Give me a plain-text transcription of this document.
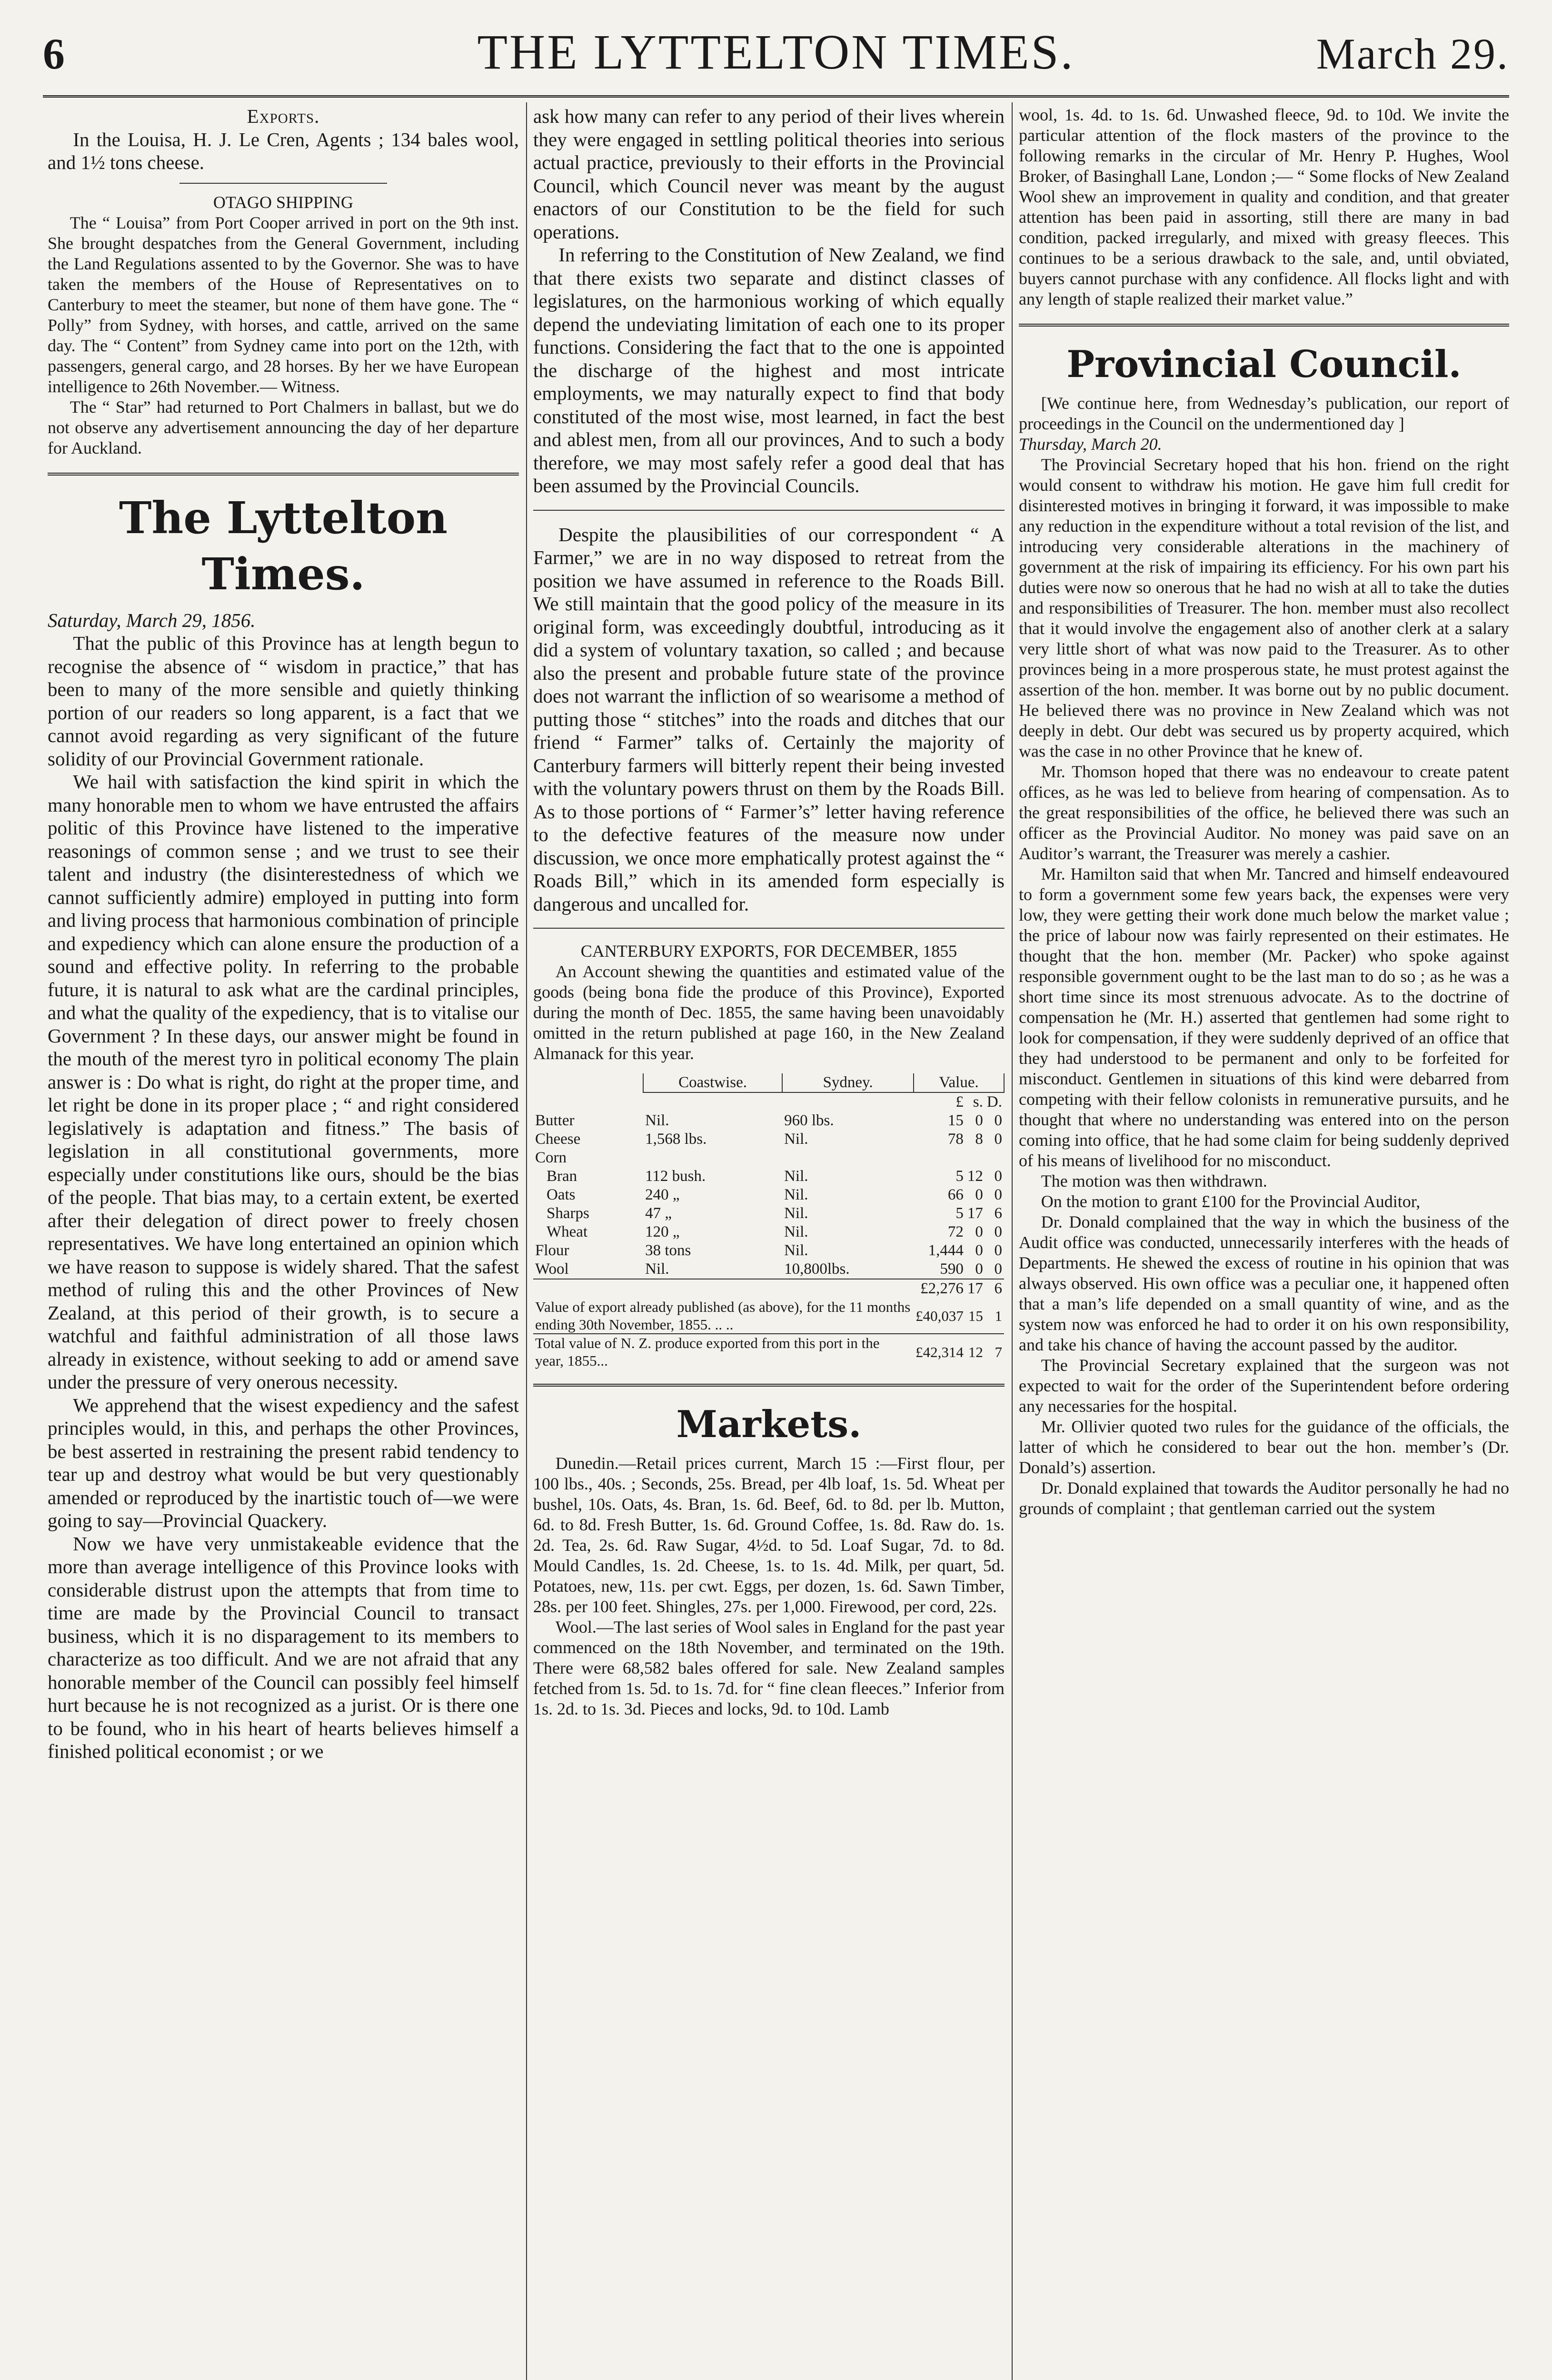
6	THE LYTTELTON TIMES.	March 29.

Exports.

In the Louisa, H. J. Le Cren, Agents ; 134 bales wool, and 1½ tons cheese.

OTAGO SHIPPING

The “ Louisa” from Port Cooper arrived in port on the 9th inst. She brought despatches from the General Government, including the Land Regulations assented to by the Governor. She was to have taken the members of the House of Representatives on to Canterbury to meet the steamer, but none of them have gone. The “ Polly” from Sydney, with horses, and cattle, arrived on the same day. The “ Content” from Sydney came into port on the 12th, with passengers, general cargo, and 28 horses. By her we have European intelligence to 26th November.— Witness.

The “ Star” had returned to Port Chalmers in ballast, but we do not observe any advertisement announcing the day of her departure for Auckland.

The Lyttelton Times.

Saturday, March 29, 1856.

That the public of this Province has at length begun to recognise the absence of “ wisdom in practice,” that has been to many of the more sensible and quietly thinking portion of our readers so long apparent, is a fact that we cannot avoid regarding as very significant of the future solidity of our Provincial Government rationale.

We hail with satisfaction the kind spirit in which the many honorable men to whom we have entrusted the affairs politic of this Province have listened to the imperative reasonings of common sense ; and we trust to see their talent and industry (the disinterestedness of which we cannot sufficiently admire) employed in putting into form and living process that harmonious combination of principle and expediency which can alone ensure the production of a sound and effective polity. In referring to the probable future, it is natural to ask what are the cardinal principles, and what the quality of the expediency, that is to vitalise our Government ? In these days, our answer might be found in the mouth of the merest tyro in political economy The plain answer is : Do what is right, do right at the proper time, and let right be done in its proper place ; “ and right considered legislatively is adaptation and fitness.” The basis of legislation in all constitutional governments, more especially under constitutions like ours, should be the bias of the people. That bias may, to a certain extent, be exerted after their delegation of direct power to freely chosen representatives. We have long entertained an opinion which we have reason to suppose is widely shared. That the safest method of ruling this and the other Provinces of New Zealand, at this period of their growth, is to secure a watchful and faithful administration of all those laws already in existence, without seeking to add or amend save under the pressure of very onerous necessity.

We apprehend that the wisest expediency and the safest principles would, in this, and perhaps the other Provinces, be best asserted in restraining the present rabid tendency to tear up and destroy what would be but very questionably amended or reproduced by the inartistic touch of—we were going to say—Provincial Quackery.

Now we have very unmistakeable evidence that the more than average intelligence of this Province looks with considerable distrust upon the attempts that from time to time are made by the Provincial Council to transact business, which it is no disparagement to its members to characterize as too difficult. And we are not afraid that any honorable member of the Council can possibly feel himself hurt because he is not recognized as a jurist. Or is there one to be found, who in his heart of hearts believes himself a finished political economist ; or we

ask how many can refer to any period of their lives wherein they were engaged in settling political theories into serious actual practice, previously to their efforts in the Provincial Council, which Council never was meant by the august enactors of our Constitution to be the field for such operations.

In referring to the Constitution of New Zealand, we find that there exists two separate and distinct classes of legislatures, on the harmonious working of which equally depend the undeviating limitation of each one to its proper functions. Considering the fact that to the one is appointed the discharge of the highest and most intricate employments, we may naturally expect to find that body constituted of the most wise, most learned, in fact the best and ablest men, from all our provinces, And to such a body therefore, we may most safely refer a good deal that has been assumed by the Provincial Councils.

Despite the plausibilities of our correspondent “ A Farmer,” we are in no way disposed to retreat from the position we have assumed in reference to the Roads Bill. We still maintain that the good policy of the measure in its original form, was exceedingly doubtful, introducing as it did a system of voluntary taxation, so called ; and because also the present and probable future state of the province does not warrant the infliction of so wearisome a method of putting those “ stitches” into the roads and ditches that our friend “ Farmer” talks of. Certainly the majority of Canterbury farmers will bitterly repent their being invested with the voluntary powers thrust on them by the Roads Bill. As to those portions of “ Farmer’s” letter having reference to the defective features of the measure now under discussion, we once more emphatically protest against the “ Roads Bill,” which in its amended form especially is dangerous and uncalled for.

CANTERBURY EXPORTS, FOR DECEMBER, 1855

An Account shewing the quantities and estimated value of the goods (being bona fide the produce of this Province), Exported during the month of Dec. 1855, the same having been unavoidably omitted in the return published at page 160, in the New Zealand Almanack for this year.

	Coastwise.	Sydney.	Value.		
			£	s.	D.
Butter	Nil.	960 lbs.	15	0	0
Cheese	1,568 lbs.	Nil.	78	8	0
Corn					
Bran	112 bush.	Nil.	5	12	0
Oats	240 „	Nil.	66	0	0
Sharps	47 „	Nil.	5	17	6
Wheat	120 „	Nil.	72	0	0
Flour	38 tons	Nil.	1,444	0	0
Wool	Nil.	10,800lbs.	590	0	0
			£2,276	17	6
Value of export already published (as above), for the 11 months ending 30th November, 1855. .. ..			£40,037	15	1
Total value of N. Z. produce exported from this port in the year, 1855...			£42,314	12	7
Markets.

Dunedin.—Retail prices current, March 15 :—First flour, per 100 lbs., 40s. ; Seconds, 25s. Bread, per 4lb loaf, 1s. 5d. Wheat per bushel, 10s. Oats, 4s. Bran, 1s. 6d. Beef, 6d. to 8d. per lb. Mutton, 6d. to 8d. Fresh Butter, 1s. 6d. Ground Coffee, 1s. 8d. Raw do. 1s. 2d. Tea, 2s. 6d. Raw Sugar, 4½d. to 5d. Loaf Sugar, 7d. to 8d. Mould Candles, 1s. 2d. Cheese, 1s. to 1s. 4d. Milk, per quart, 5d. Potatoes, new, 11s. per cwt. Eggs, per dozen, 1s. 6d. Sawn Timber, 28s. per 100 feet. Shingles, 27s. per 1,000. Firewood, per cord, 22s.

Wool.—The last series of Wool sales in England for the past year commenced on the 18th November, and terminated on the 19th. There were 68,582 bales offered for sale. New Zealand samples fetched from 1s. 5d. to 1s. 7d. for “ fine clean fleeces.” Inferior from 1s. 2d. to 1s. 3d. Pieces and locks, 9d. to 10d. Lamb

wool, 1s. 4d. to 1s. 6d. Unwashed fleece, 9d. to 10d. We invite the particular attention of the flock masters of the province to the following remarks in the circular of Mr. Henry P. Hughes, Wool Broker, of Basinghall Lane, London ;— “ Some flocks of New Zealand Wool shew an improvement in quality and condition, and that greater attention has been paid in assorting, still there are many in bad condition, packed irregularly, and mixed with greasy fleeces. This continues to be a serious drawback to the sale, and, until obviated, buyers cannot purchase with any confidence. All flocks light and with any length of staple realized their market value.”

Provincial Council.

[We continue here, from Wednesday’s publication, our report of proceedings in the Council on the undermentioned day ]

Thursday, March 20.

The Provincial Secretary hoped that his hon. friend on the right would consent to withdraw his motion. He gave him full credit for disinterested motives in bringing it forward, it was impossible to make any reduction in the expenditure without a total revision of the list, and introducing very considerable alterations in the machinery of government at the risk of impairing its efficiency. For his own part his duties were now so onerous that he had no wish at all to take the duties and responsibilities of Treasurer. The hon. member must also recollect that it would involve the engagement also of another clerk at a salary very little short of what was now paid to the Treasurer. As to other provinces being in a more prosperous state, he must protest against the assertion of the hon. member. It was borne out by no public document. He believed there was no province in New Zealand which was not deeply in debt. Our debt was secured us by property acquired, which was the case in no other Province that he knew of.

Mr. Thomson hoped that there was no endeavour to create patent offices, as he was led to believe from hearing of compensation. As to the great responsibilities of the office, he believed there was such an officer as the Provincial Auditor. No money was paid save on an Auditor’s warrant, the Treasurer was merely a cashier.

Mr. Hamilton said that when Mr. Tancred and himself endeavoured to form a government some few years back, the expenses were very low, they were getting their work done much below the market value ; the price of labour now was fairly represented on their estimates. He thought that the hon. member (Mr. Packer) who spoke against responsible government ought to be the last man to do so ; as he was a short time since its most strenuous advocate. As to the doctrine of compensation he (Mr. H.) asserted that gentlemen had some right to look for compensation, if they were suddenly deprived of an office that they had understood to be permanent and only to be forfeited for misconduct. Gentlemen in situations of this kind were debarred from competing with their fellow colonists in remunerative pursuits, and he thought that where no understanding was entered into on the person coming into office, that he had some claim for being suddenly deprived of his means of livelihood for no misconduct.

The motion was then withdrawn.

On the motion to grant £100 for the Provincial Auditor,

Dr. Donald complained that the way in which the business of the Audit office was conducted, unnecessarily interferes with the heads of Departments. He shewed the excess of routine in his opinion that was always observed. His own office was a peculiar one, it happened often that a man’s life depended on a small quantity of wine, and as the system now was enforced he had to order it on his own responsibility, and take his chance of having the account passed by the auditor.

The Provincial Secretary explained that the surgeon was not expected to wait for the order of the Superintendent before ordering any necessaries for the hospital.

Mr. Ollivier quoted two rules for the guidance of the officials, the latter of which he considered to bear out the hon. member’s (Dr. Donald’s) assertion.

Dr. Donald explained that towards the Auditor personally he had no grounds of complaint ; that gentleman carried out the system
